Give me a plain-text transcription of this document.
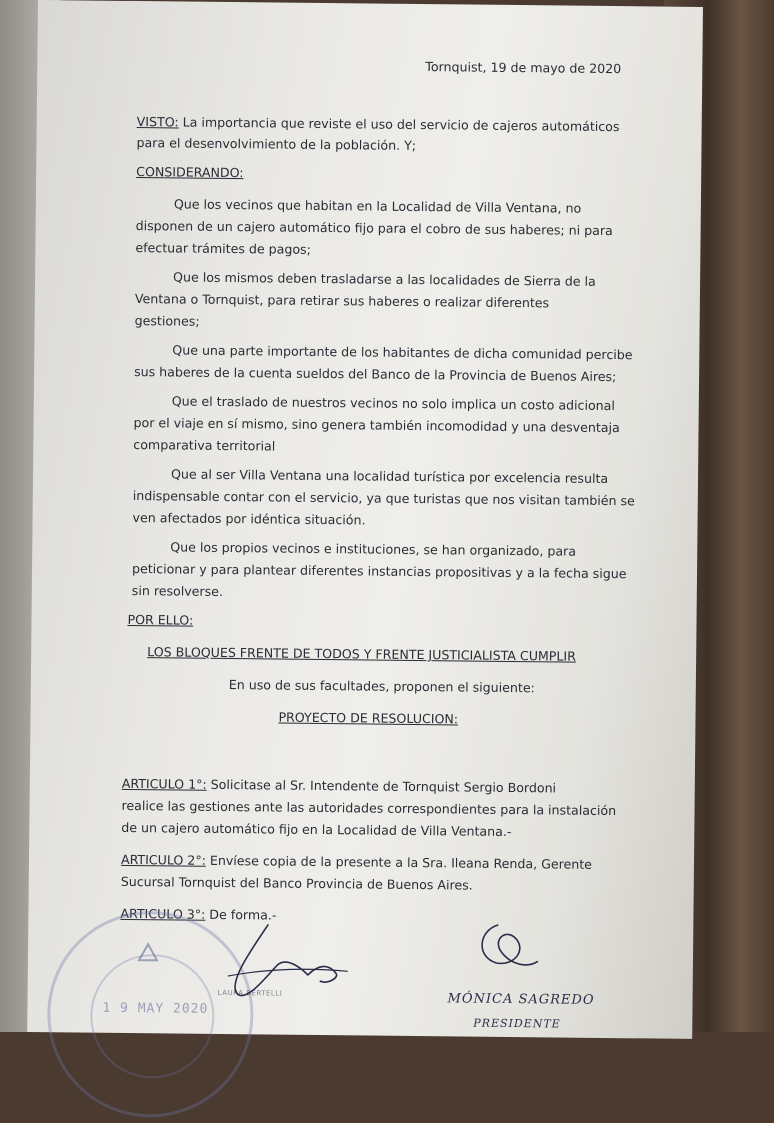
Tornquist, 19 de mayo de 2020
VISTO: La importancia que reviste el uso del servicio de cajeros automáticos
para el desenvolvimiento de la población. Y;
CONSIDERANDO:
Que los vecinos que habitan en la Localidad de Villa Ventana, no
disponen de un cajero automático fijo para el cobro de sus haberes; ni para
efectuar trámites de pagos;
Que los mismos deben trasladarse a las localidades de Sierra de la
Ventana o Tornquist, para retirar sus haberes o realizar diferentes
gestiones;
Que una parte importante de los habitantes de dicha comunidad percibe
sus haberes de la cuenta sueldos del Banco de la Provincia de Buenos Aires;
Que el traslado de nuestros vecinos no solo implica un costo adicional
por el viaje en sí mismo, sino genera también incomodidad y una desventaja
comparativa territorial
Que al ser Villa Ventana una localidad turística por excelencia resulta
indispensable contar con el servicio, ya que turistas que nos visitan también se
ven afectados por idéntica situación.
Que los propios vecinos e instituciones, se han organizado, para
peticionar y para plantear diferentes instancias propositivas y a la fecha sigue
sin resolverse.
POR ELLO:
LOS BLOQUES FRENTE DE TODOS Y FRENTE JUSTICIALISTA CUMPLIR
En uso de sus facultades, proponen el siguiente:
PROYECTO DE RESOLUCION:
ARTICULO 1°: Solicitase al Sr. Intendente de Tornquist Sergio Bordoni
realice las gestiones ante las autoridades correspondientes para la instalación
de un cajero automático fijo en la Localidad de Villa Ventana.-
ARTICULO 2°: Envíese copia de la presente a la Sra. Ileana Renda, Gerente
Sucursal Tornquist del Banco Provincia de Buenos Aires.
ARTICULO 3°: De forma.-
1 9 MAY 2020
LAURA BERTELLI	MÓNICA SAGREDO
PRESIDENTE
